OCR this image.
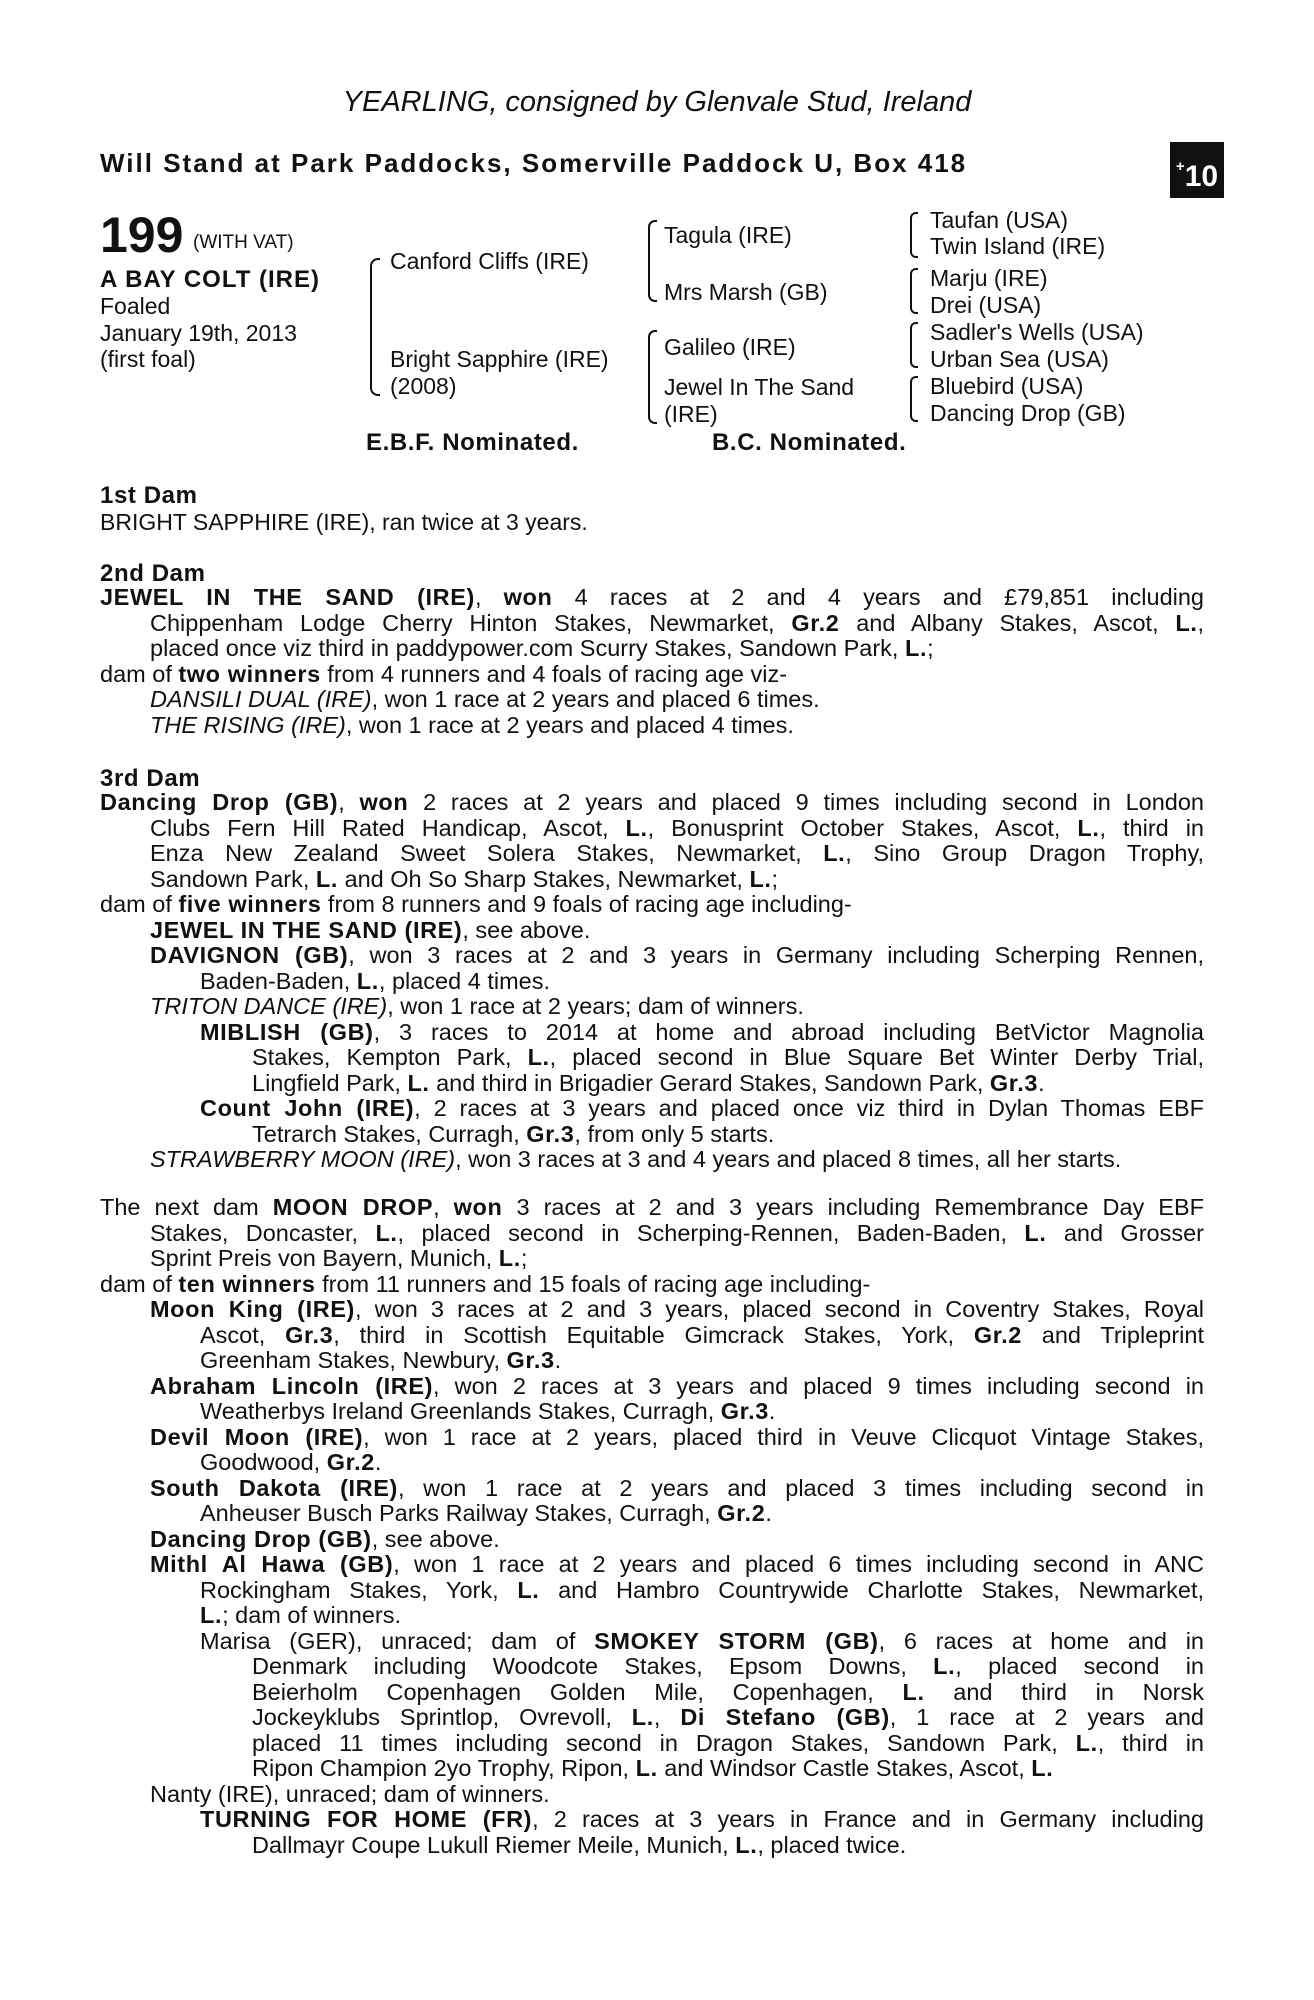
YEARLING, consigned by Glenvale Stud, Ireland
Will Stand at Park Paddocks, Somerville Paddock U, Box 418	+10
199 (WITH VAT)
A BAY COLT (IRE)
Foaled
January 19th, 2013
(first foal)
Canford Cliffs (IRE)
Bright Sapphire (IRE)
(2008)
Tagula (IRE)
Mrs Marsh (GB)
Galileo (IRE)
Jewel In The Sand
(IRE)
Taufan (USA)
Twin Island (IRE)
Marju (IRE)
Drei (USA)
Sadler's Wells (USA)
Urban Sea (USA)
Bluebird (USA)
Dancing Drop (GB)
E.B.F. Nominated.	B.C. Nominated.
1st Dam
BRIGHT SAPPHIRE (IRE), ran twice at 3 years.
2nd Dam
JEWEL IN THE SAND (IRE), won 4 races at 2 and 4 years and £79,851 including
Chippenham Lodge Cherry Hinton Stakes, Newmarket, Gr.2 and Albany Stakes, Ascot, L.,
placed once viz third in paddypower.com Scurry Stakes, Sandown Park, L.;
dam of two winners from 4 runners and 4 foals of racing age viz-
DANSILI DUAL (IRE), won 1 race at 2 years and placed 6 times.
THE RISING (IRE), won 1 race at 2 years and placed 4 times.
3rd Dam
Dancing Drop (GB), won 2 races at 2 years and placed 9 times including second in London
Clubs Fern Hill Rated Handicap, Ascot, L., Bonusprint October Stakes, Ascot, L., third in
Enza New Zealand Sweet Solera Stakes, Newmarket, L., Sino Group Dragon Trophy,
Sandown Park, L. and Oh So Sharp Stakes, Newmarket, L.;
dam of five winners from 8 runners and 9 foals of racing age including-
JEWEL IN THE SAND (IRE), see above.
DAVIGNON (GB), won 3 races at 2 and 3 years in Germany including Scherping Rennen,
Baden-Baden, L., placed 4 times.
TRITON DANCE (IRE), won 1 race at 2 years; dam of winners.
MIBLISH (GB), 3 races to 2014 at home and abroad including BetVictor Magnolia
Stakes, Kempton Park, L., placed second in Blue Square Bet Winter Derby Trial,
Lingfield Park, L. and third in Brigadier Gerard Stakes, Sandown Park, Gr.3.
Count John (IRE), 2 races at 3 years and placed once viz third in Dylan Thomas EBF
Tetrarch Stakes, Curragh, Gr.3, from only 5 starts.
STRAWBERRY MOON (IRE), won 3 races at 3 and 4 years and placed 8 times, all her starts.
The next dam MOON DROP, won 3 races at 2 and 3 years including Remembrance Day EBF
Stakes, Doncaster, L., placed second in Scherping-Rennen, Baden-Baden, L. and Grosser
Sprint Preis von Bayern, Munich, L.;
dam of ten winners from 11 runners and 15 foals of racing age including-
Moon King (IRE), won 3 races at 2 and 3 years, placed second in Coventry Stakes, Royal
Ascot, Gr.3, third in Scottish Equitable Gimcrack Stakes, York, Gr.2 and Tripleprint
Greenham Stakes, Newbury, Gr.3.
Abraham Lincoln (IRE), won 2 races at 3 years and placed 9 times including second in
Weatherbys Ireland Greenlands Stakes, Curragh, Gr.3.
Devil Moon (IRE), won 1 race at 2 years, placed third in Veuve Clicquot Vintage Stakes,
Goodwood, Gr.2.
South Dakota (IRE), won 1 race at 2 years and placed 3 times including second in
Anheuser Busch Parks Railway Stakes, Curragh, Gr.2.
Dancing Drop (GB), see above.
Mithl Al Hawa (GB), won 1 race at 2 years and placed 6 times including second in ANC
Rockingham Stakes, York, L. and Hambro Countrywide Charlotte Stakes, Newmarket,
L.; dam of winners.
Marisa (GER), unraced; dam of SMOKEY STORM (GB), 6 races at home and in
Denmark including Woodcote Stakes, Epsom Downs, L., placed second in
Beierholm Copenhagen Golden Mile, Copenhagen, L. and third in Norsk
Jockeyklubs Sprintlop, Ovrevoll, L., Di Stefano (GB), 1 race at 2 years and
placed 11 times including second in Dragon Stakes, Sandown Park, L., third in
Ripon Champion 2yo Trophy, Ripon, L. and Windsor Castle Stakes, Ascot, L.
Nanty (IRE), unraced; dam of winners.
TURNING FOR HOME (FR), 2 races at 3 years in France and in Germany including
Dallmayr Coupe Lukull Riemer Meile, Munich, L., placed twice.
